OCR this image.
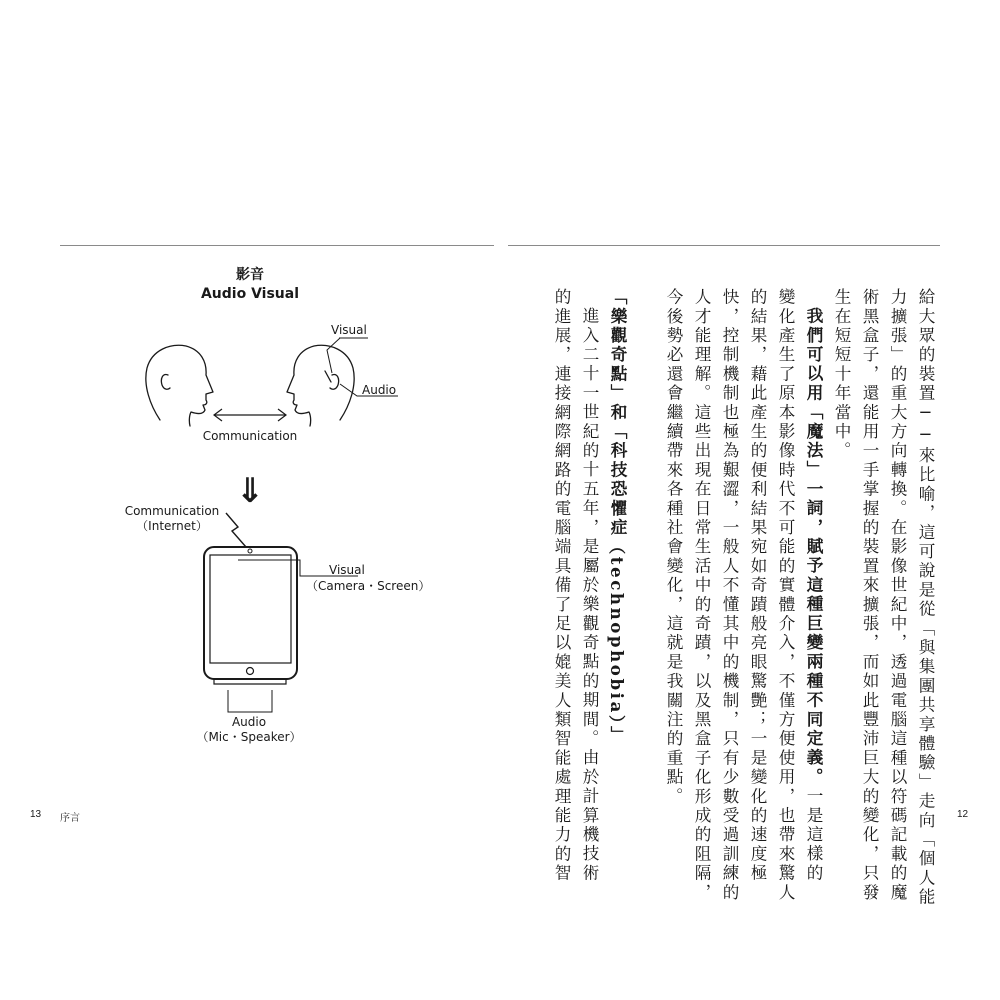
影音
Audio Visual
Visual
Audio
Communication
⇓
Communication
（Internet）
Visual
（Camera・Screen）
Audio
（Mic・Speaker）	給大眾的裝置──來比喻，這可說是從「與集團共享體驗」走向「個人能
力擴張」的重大方向轉換。在影像世紀中，透過電腦這種以符碼記載的魔
術黑盒子，還能用一手掌握的裝置來擴張，而如此豐沛巨大的變化，只發
生在短短十年當中。
我們可以用「魔法」一詞，賦予這種巨變兩種不同定義。一是這樣的
變化產生了原本影像時代不可能的實體介入，不僅方便使用，也帶來驚人
的結果，藉此產生的便利結果宛如奇蹟般亮眼驚艷；一是變化的速度極
快，控制機制也極為艱澀，一般人不懂其中的機制，只有少數受過訓練的
人才能理解。這些出現在日常生活中的奇蹟，以及黑盒子化形成的阻隔，
今後勢必還會繼續帶來各種社會變化，這就是我關注的重點。
「樂觀奇點」和「科技恐懼症（technophobia）」
進入二十一世紀的十五年，是屬於樂觀奇點的期間。由於計算機技術
的進展，連接網際網路的電腦端具備了足以媲美人類智能處理能力的智
13 序言	12
